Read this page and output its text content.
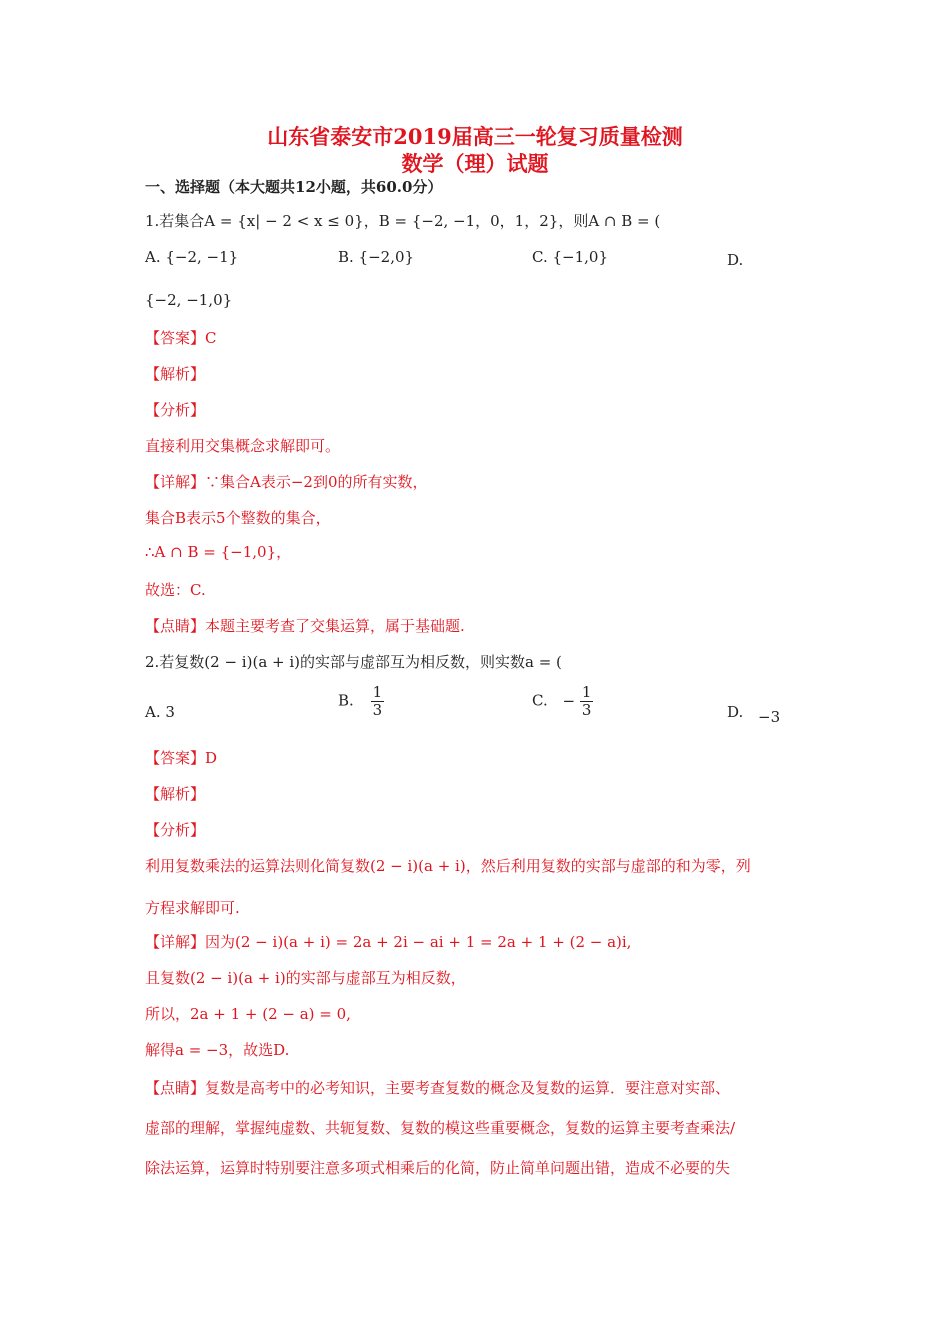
山东省泰安市2019届高三一轮复习质量检测
数学（理）试题
一、选择题（本大题共12小题，共60.0分）
1.若集合A = {x| − 2 < x ≤ 0}，B = {−2, −1，0，1，2}，则A ∩ B = (
A. {−2, −1}	B. {−2,0}	C. {−1,0}	D.
{−2, −1,0}
【答案】C
【解析】
【分析】
直接利用交集概念求解即可。
【详解】∵集合A表示−2到0的所有实数，
集合B表示5个整数的集合，
∴A ∩ B = {−1,0}，
故选：C.
【点睛】本题主要考查了交集运算，属于基础题.
2.若复数(2 − i)(a + i)的实部与虚部互为相反数，则实数a = (
A. 3
B. $\frac{1}{3}$	C. − $\frac{1}{3}$	D. −3
【答案】D
【解析】
【分析】
利用复数乘法的运算法则化简复数(2 − i)(a + i)，然后利用复数的实部与虚部的和为零，列
方程求解即可.
【详解】因为(2 − i)(a + i) = 2a + 2i − ai + 1 = 2a + 1 + (2 − a)i,
且复数(2 − i)(a + i)的实部与虚部互为相反数，
所以，2a + 1 + (2 − a) = 0,
解得a = −3，故选D.
【点睛】复数是高考中的必考知识，主要考查复数的概念及复数的运算．要注意对实部、
虚部的理解，掌握纯虚数、共轭复数、复数的模这些重要概念，复数的运算主要考查乘法/
除法运算，运算时特别要注意多项式相乘后的化简，防止简单问题出错，造成不必要的失
